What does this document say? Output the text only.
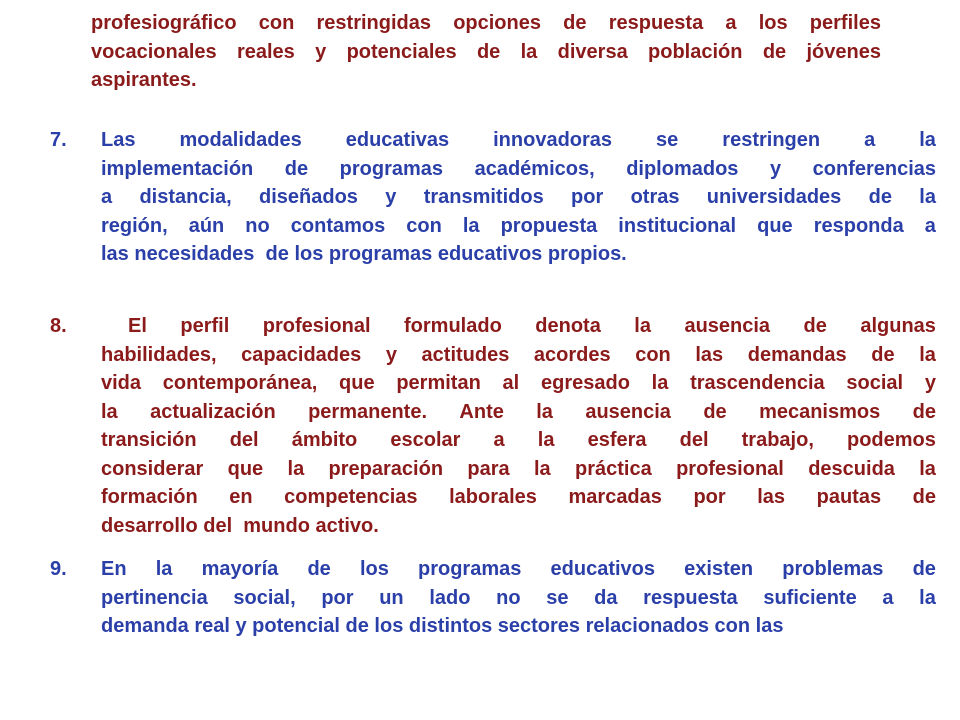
profesiográfico con restringidas opciones de respuesta a los perfiles
vocacionales reales y potenciales de la diversa población de jóvenes
aspirantes.
7.	Las modalidades educativas innovadoras se restringen a la
implementación de programas académicos, diplomados y conferencias
a distancia, diseñados y transmitidos por otras universidades de la
región, aún no contamos con la propuesta institucional que responda a
las necesidades  de los programas educativos propios.
8.	El perfil profesional formulado denota la ausencia de algunas
habilidades, capacidades y actitudes acordes con las demandas de la
vida contemporánea, que permitan al egresado la trascendencia social y
la actualización permanente. Ante la ausencia de mecanismos de
transición del ámbito escolar a la esfera del trabajo, podemos
considerar que la preparación para la práctica profesional descuida la
formación en competencias laborales marcadas por las pautas de
desarrollo del  mundo activo.
9.	En la mayoría de los programas educativos existen problemas de
pertinencia social, por un lado no se da respuesta suficiente a la
demanda real y potencial de los distintos sectores relacionados con las
